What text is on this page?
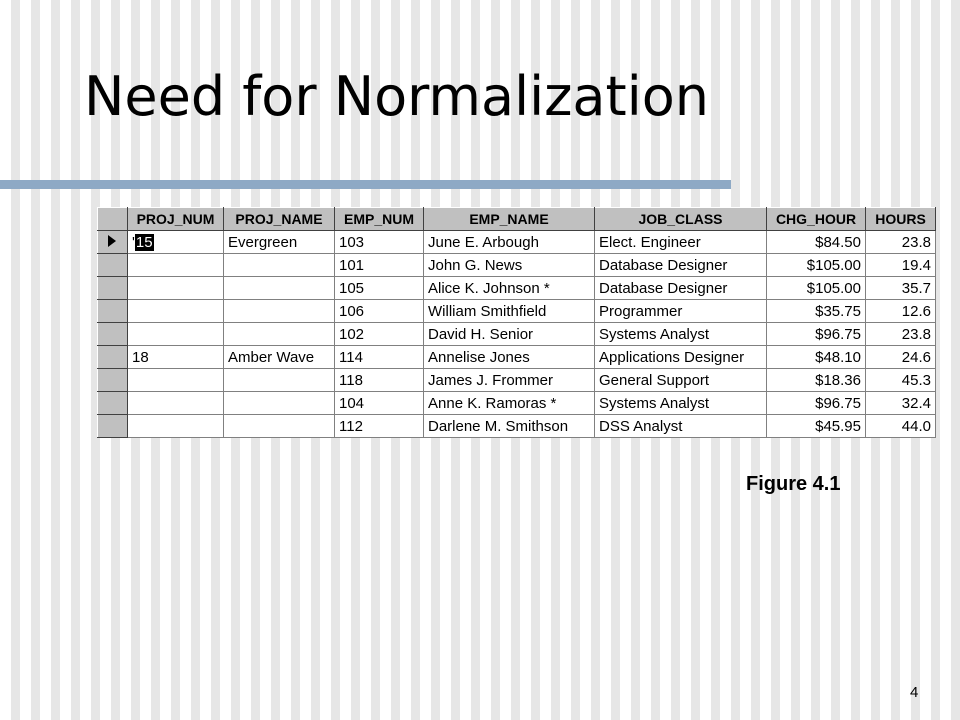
Need for Normalization
	PROJ_NUM	PROJ_NAME	EMP_NUM	EMP_NAME	JOB_CLASS	CHG_HOUR	HOURS
	'15	Evergreen	103	June E. Arbough	Elect. Engineer	$84.50	23.8
			101	John G. News	Database Designer	$105.00	19.4
			105	Alice K. Johnson *	Database Designer	$105.00	35.7
			106	William Smithfield	Programmer	$35.75	12.6
			102	David H. Senior	Systems Analyst	$96.75	23.8
	18	Amber Wave	114	Annelise Jones	Applications Designer	$48.10	24.6
			118	James J. Frommer	General Support	$18.36	45.3
			104	Anne K. Ramoras *	Systems Analyst	$96.75	32.4
			112	Darlene M. Smithson	DSS Analyst	$45.95	44.0
Figure 4.1
4
